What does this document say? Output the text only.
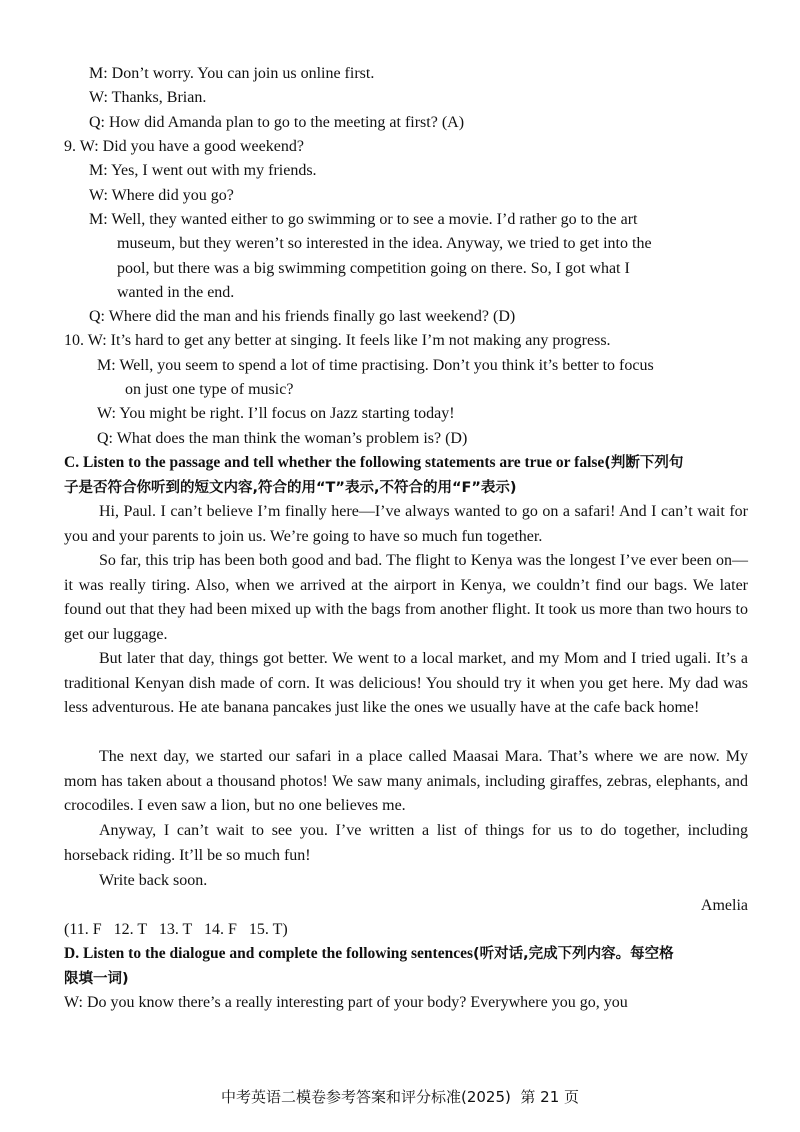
M: Don’t worry. You can join us online first.
W: Thanks, Brian.
Q: How did Amanda plan to go to the meeting at first? (A)
9. W: Did you have a good weekend?
M: Yes, I went out with my friends.
W: Where did you go?
M: Well, they wanted either to go swimming or to see a movie. I’d rather go to the art
museum, but they weren’t so interested in the idea. Anyway, we tried to get into the
pool, but there was a big swimming competition going on there. So, I got what I
wanted in the end.
Q: Where did the man and his friends finally go last weekend? (D)
10. W: It’s hard to get any better at singing. It feels like I’m not making any progress.
M: Well, you seem to spend a lot of time practising. Don’t you think it’s better to focus
on just one type of music?
W: You might be right. I’ll focus on Jazz starting today!
Q: What does the man think the woman’s problem is? (D)
C. Listen to the passage and tell whether the following statements are true or false(判断下列句
子是否符合你听到的短文内容,符合的用“T”表示,不符合的用“F”表示)
Hi, Paul. I can’t believe I’m finally here—I’ve always wanted to go on a safari! And I can’t wait for you and your parents to join us. We’re going to have so much fun together.
So far, this trip has been both good and bad. The flight to Kenya was the longest I’ve ever been on—it was really tiring. Also, when we arrived at the airport in Kenya, we couldn’t find our bags. We later found out that they had been mixed up with the bags from another flight. It took us more than two hours to get our luggage.
But later that day, things got better. We went to a local market, and my Mom and I tried ugali. It’s a traditional Kenyan dish made of corn. It was delicious! You should try it when you get here. My dad was less adventurous. He ate banana pancakes just like the ones we usually have at the cafe back home!
The next day, we started our safari in a place called Maasai Mara. That’s where we are now. My mom has taken about a thousand photos! We saw many animals, including giraffes, zebras, elephants, and crocodiles. I even saw a lion, but no one believes me.
Anyway, I can’t wait to see you. I’ve written a list of things for us to do together, including horseback riding. It’ll be so much fun!
Write back soon.
Amelia
(11. F   12. T   13. T   14. F   15. T)
D. Listen to the dialogue and complete the following sentences(听对话,完成下列内容。每空格
限填一词)
W: Do you know there’s a really interesting part of your body? Everywhere you go, you
中考英语二模卷参考答案和评分标准(2025)  第 21 页
